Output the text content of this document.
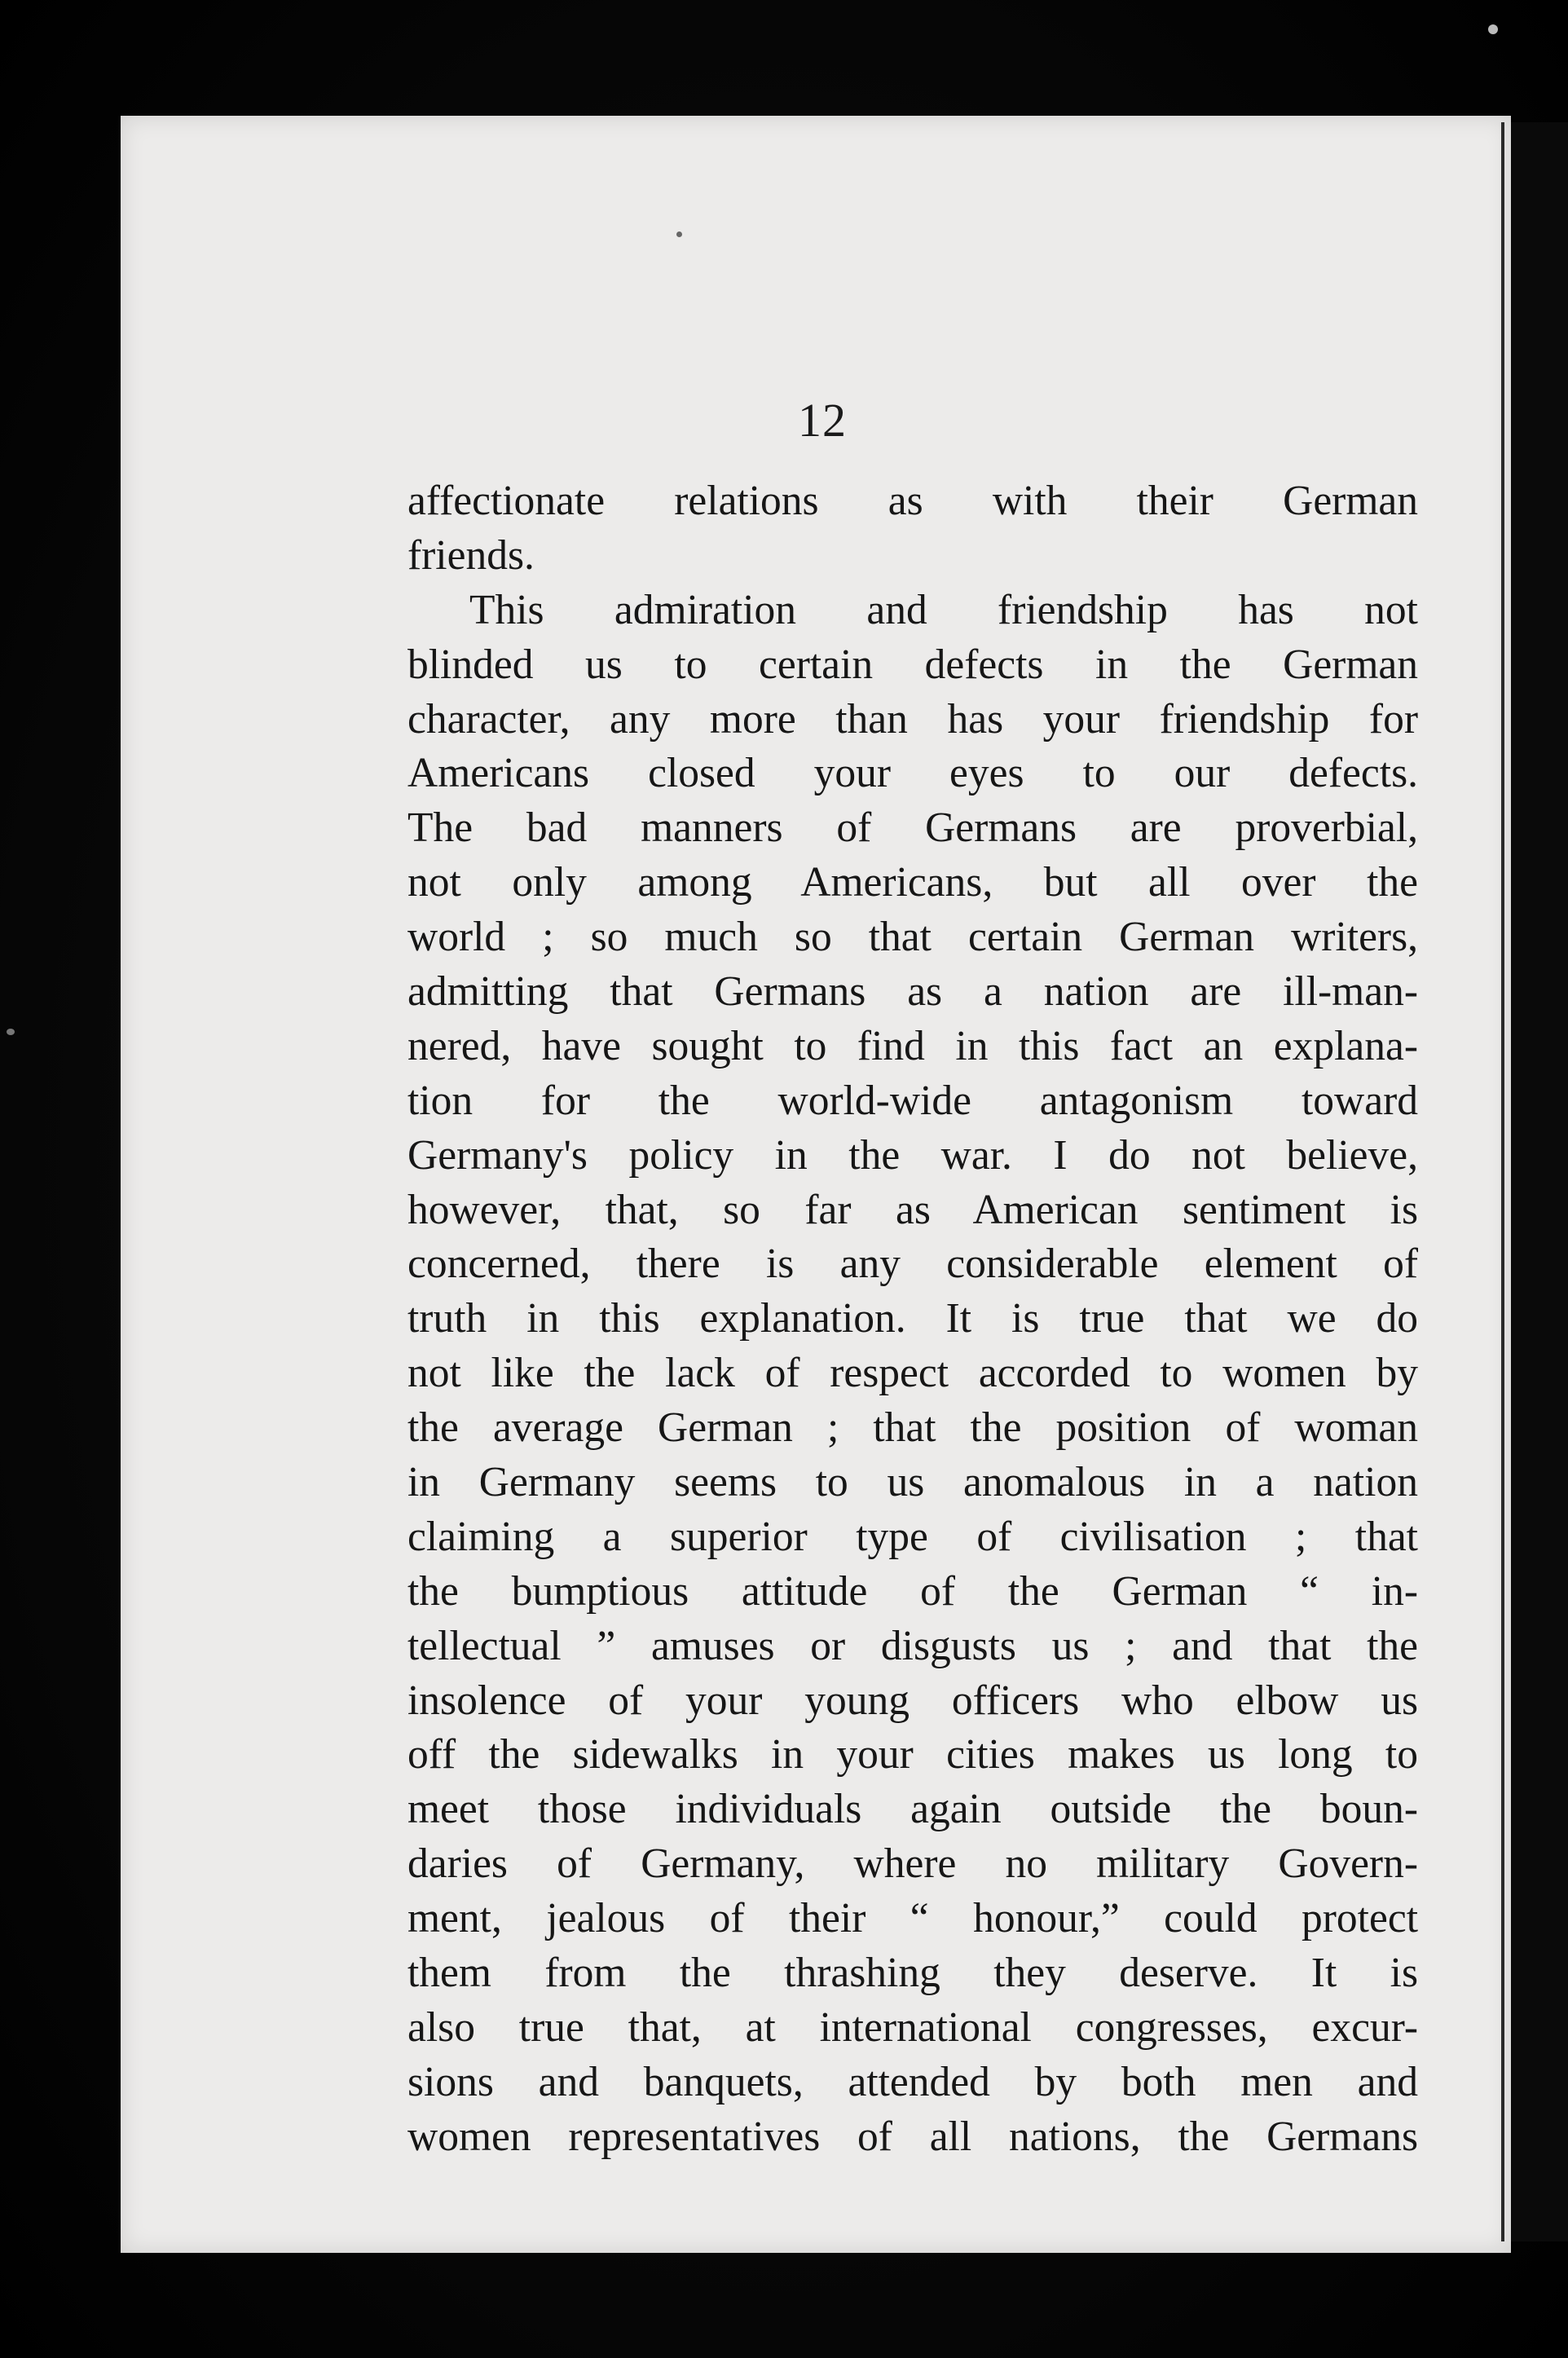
12
affectionate relations as with their German
friends.
This admiration and friendship has not
blinded us to certain defects in the German
character, any more than has your friendship for
Americans closed your eyes to our defects.
The bad manners of Germans are proverbial,
not only among Americans, but all over the
world ; so much so that certain German writers,
admitting that Germans as a nation are ill-man-
nered, have sought to find in this fact an explana-
tion for the world-wide antagonism toward
Germany's policy in the war. I do not believe,
however, that, so far as American sentiment is
concerned, there is any considerable element of
truth in this explanation. It is true that we do
not like the lack of respect accorded to women by
the average German ; that the position of woman
in Germany seems to us anomalous in a nation
claiming a superior type of civilisation ; that
the bumptious attitude of the German “ in-
tellectual ” amuses or disgusts us ; and that the
insolence of your young officers who elbow us
off the sidewalks in your cities makes us long to
meet those individuals again outside the boun-
daries of Germany, where no military Govern-
ment, jealous of their “ honour,” could protect
them from the thrashing they deserve. It is
also true that, at international congresses, excur-
sions and banquets, attended by both men and
women representatives of all nations, the Germans
